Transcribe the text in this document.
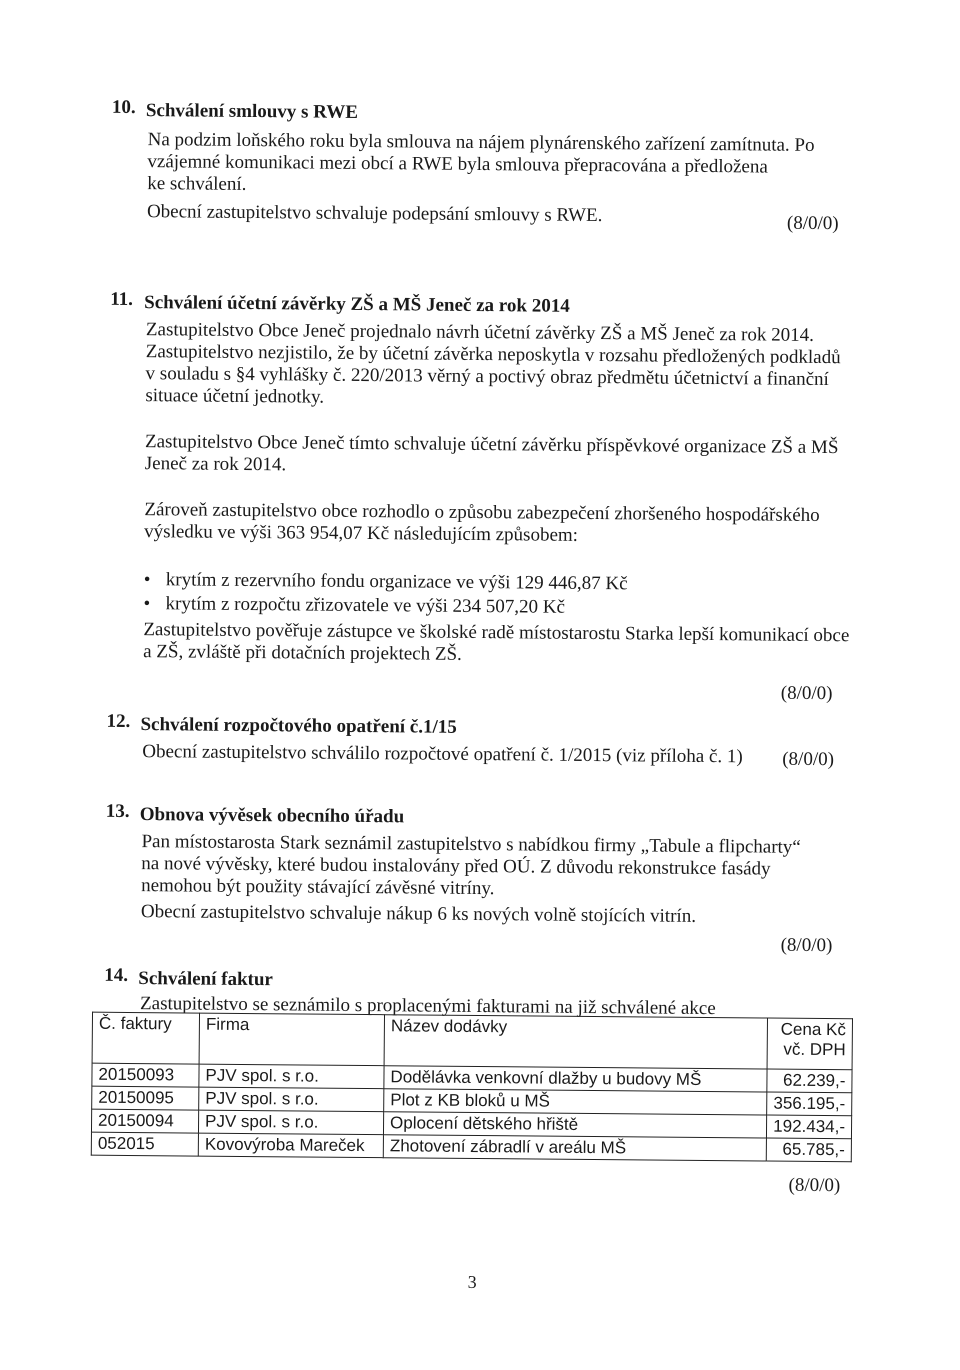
10. Schválení smlouvy s RWE
Na podzim loňského roku byla smlouva na nájem plynárenského zařízení zamítnuta. Po
vzájemné komunikaci mezi obcí a RWE byla smlouva přepracována a předložena
ke schválení.
Obecní zastupitelstvo schvaluje podepsání smlouvy s RWE.	(8/0/0)
11. Schválení účetní závěrky ZŠ a MŠ Jeneč za rok 2014
Zastupitelstvo Obce Jeneč projednalo návrh účetní závěrky ZŠ a MŠ Jeneč za rok 2014.
Zastupitelstvo nezjistilo, že by účetní závěrka neposkytla v rozsahu předložených podkladů
v souladu s §4 vyhlášky č. 220/2013 věrný a poctivý obraz předmětu účetnictví a finanční
situace účetní jednotky.
Zastupitelstvo Obce Jeneč tímto schvaluje účetní závěrku příspěvkové organizace ZŠ a MŠ
Jeneč za rok 2014.
Zároveň zastupitelstvo obce rozhodlo o způsobu zabezpečení zhoršeného hospodářského
výsledku ve výši 363 954,07 Kč následujícím způsobem:
• krytím z rezervního fondu organizace ve výši 129 446,87 Kč
• krytím z rozpočtu zřizovatele ve výši 234 507,20 Kč
Zastupitelstvo pověřuje zástupce ve školské radě místostarostu Starka lepší komunikací obce
a ZŠ, zvláště při dotačních projektech ZŠ.
(8/0/0)
12. Schválení rozpočtového opatření č.1/15
Obecní zastupitelstvo schválilo rozpočtové opatření č. 1/2015 (viz příloha č. 1) (8/0/0)
13. Obnova vývěsek obecního úřadu
Pan místostarosta Stark seznámil zastupitelstvo s nabídkou firmy „Tabule a flipcharty“
na nové vývěsky, které budou instalovány před OÚ. Z důvodu rekonstrukce fasády
nemohou být použity stávající závěsné vitríny.
Obecní zastupitelstvo schvaluje nákup 6 ks nových volně stojících vitrín.
(8/0/0)
14. Schválení faktur
Zastupitelstvo se seznámilo s proplacenými fakturami na již schválené akce
Č. faktury	Firma	Název dodávky	Cena Kč vč. DPH
20150093	PJV spol. s r.o.	Dodělávka venkovní dlažby u budovy MŠ	62.239,-
20150095	PJV spol. s r.o.	Plot z KB bloků u MŠ	356.195,-
20150094	PJV spol. s r.o.	Oplocení dětského hřiště	192.434,-
052015	Kovovýroba Mareček	Zhotovení zábradlí v areálu MŠ	65.785,-
(8/0/0)
3
